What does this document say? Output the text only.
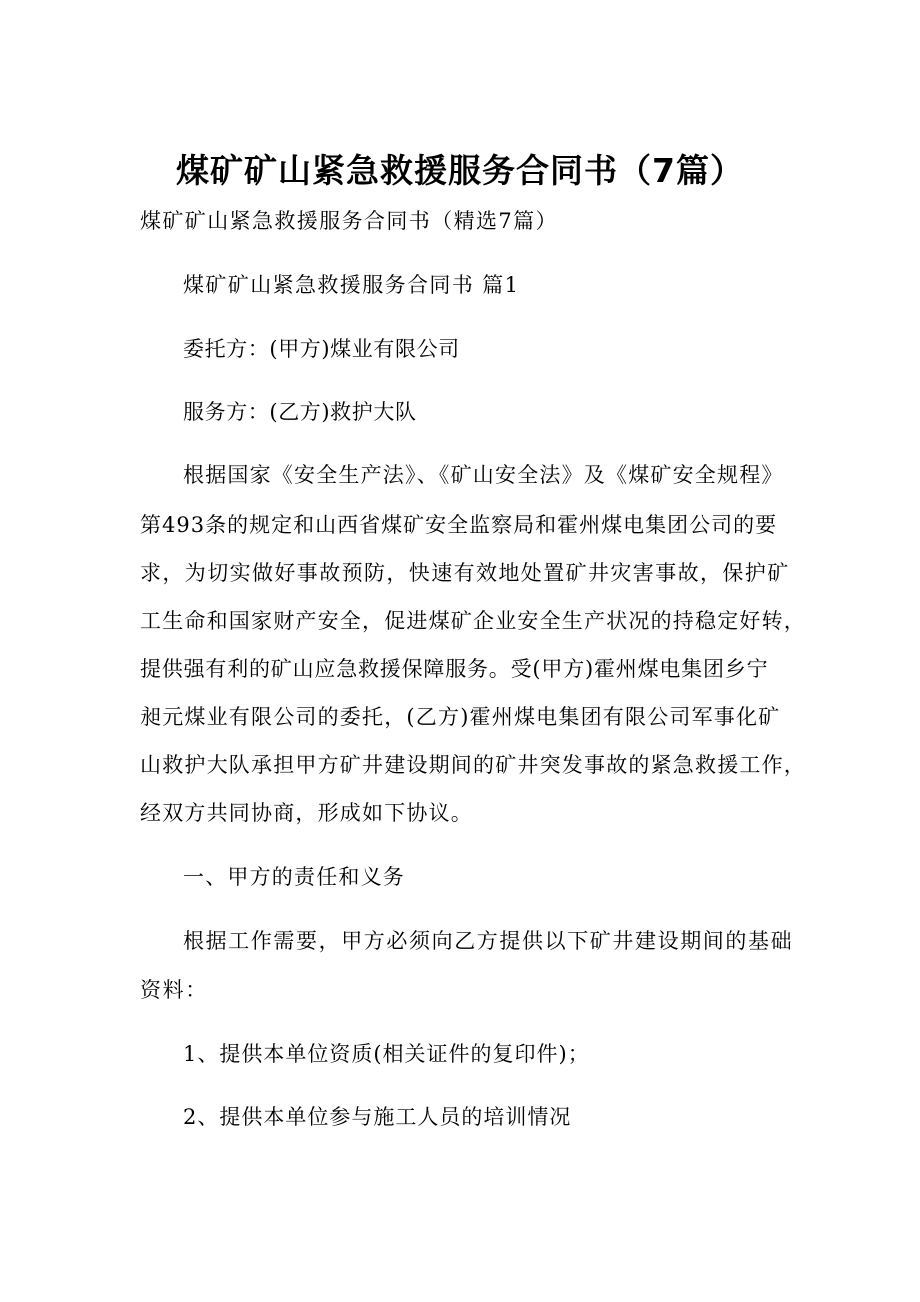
煤矿矿山紧急救援服务合同书（7篇）
煤矿矿山紧急救援服务合同书（精选7篇）
煤矿矿山紧急救援服务合同书 篇1
委托方：(甲方)煤业有限公司
服务方：(乙方)救护大队
根据国家《安全生产法》、《矿山安全法》及《煤矿安全规程》
第493条的规定和山西省煤矿安全监察局和霍州煤电集团公司的要
求，为切实做好事故预防，快速有效地处置矿井灾害事故，保护矿
工生命和国家财产安全，促进煤矿企业安全生产状况的持稳定好转，
提供强有利的矿山应急救援保障服务。受(甲方)霍州煤电集团乡宁
昶元煤业有限公司的委托，(乙方)霍州煤电集团有限公司军事化矿
山救护大队承担甲方矿井建设期间的矿井突发事故的紧急救援工作，
经双方共同协商，形成如下协议。
一、甲方的责任和义务
根据工作需要，甲方必须向乙方提供以下矿井建设期间的基础
资料：
1、提供本单位资质(相关证件的复印件)；
2、提供本单位参与施工人员的培训情况
